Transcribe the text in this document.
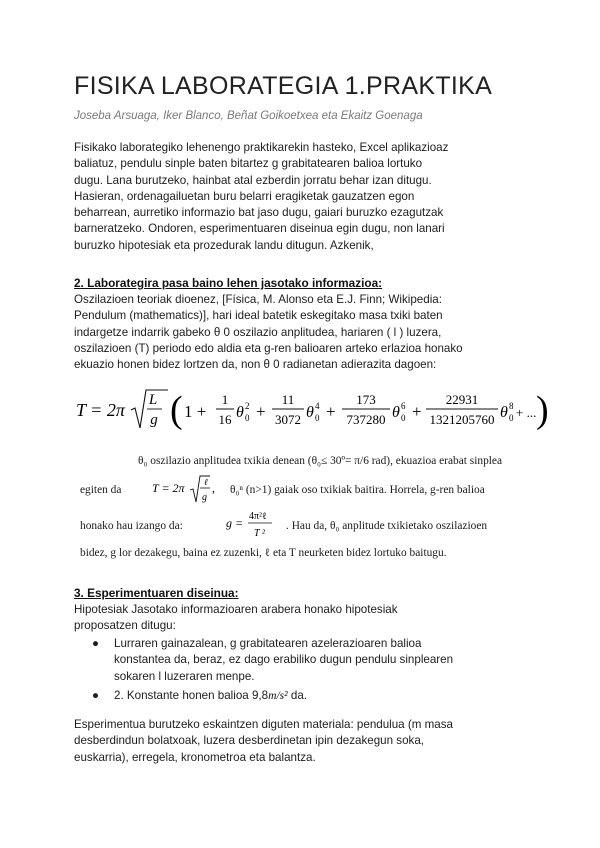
FISIKA LABORATEGIA 1.PRAKTIKA

Joseba Arsuaga, Iker Blanco, Beñat Goikoetxea eta Ekaitz Goenaga

Fisikako laborategiko lehenengo praktikarekin hasteko, Excel aplikazioaz
baliatuz, pendulu sinple baten bitartez g grabitatearen balioa lortuko
dugu. Lana burutzeko, hainbat atal ezberdin jorratu behar izan ditugu.
Hasieran, ordenagailuetan buru belarri eragiketak gauzatzen egon
beharrean, aurretiko informazio bat jaso dugu, gaiari buruzko ezagutzak
barneratzeko. Ondoren, esperimentuaren diseinua egin dugu, non lanari
buruzko hipotesiak eta prozedurak landu ditugun. Azkenik,

2. Laborategira pasa baino lehen jasotako informazioa:

Oszilazioen teoriak dioenez, [Física, M. Alonso eta E.J. Finn; Wikipedia:
Pendulum (mathematics)], hari ideal batetik eskegitako masa txiki baten
indargetze indarrik gabeko θ 0 oszilazio anplitudea, hariaren ( l ) luzera,
oszilazioen (T) periodo edo aldia eta g-ren balioaren arteko erlazioa honako
ekuazio honen bidez lortzen da, non θ 0 radianetan adierazita dagoen:

T = 2π L
g ( 1 +
1
16 θ 0
2 +
11
3072 θ 0
4 +
173
737280 θ 0
6 +
22931
1321205760 θ 0
8 + ... )
θ₀ oszilazio anplitudea txikia denean (θ₀≤ 30º= π/6 rad), ekuazioa erabat sinplea
egiten da	T = 2π ℓ
g
, θ₀ⁿ (n>1) gaiak oso txikiak baitira. Horrela, g-ren balioa
honako hau izango da:	g = 4π²ℓ
T ²
. Hau da, θ₀ anplitude txikietako oszilazioen
bidez, g lor dezakegu, baina ez zuzenki, ℓ eta T neurketen bidez lortuko baitugu.

3. Esperimentuaren diseinua:

Hipotesiak Jasotako informazioaren arabera honako hipotesiak
proposatzen ditugu:

● Lurraren gainazalean, g grabitatearen azelerazioaren balioa
konstantea da, beraz, ez dago erabiliko dugun pendulu sinplearen
sokaren l luzeraren menpe.
● 2. Konstante honen balioa 9,8m/s² da.

Esperimentua burutzeko eskaintzen diguten materiala: pendulua (m masa
desberdindun bolatxoak, luzera desberdinetan ipin dezakegun soka,
euskarria), erregela, kronometroa eta balantza.
